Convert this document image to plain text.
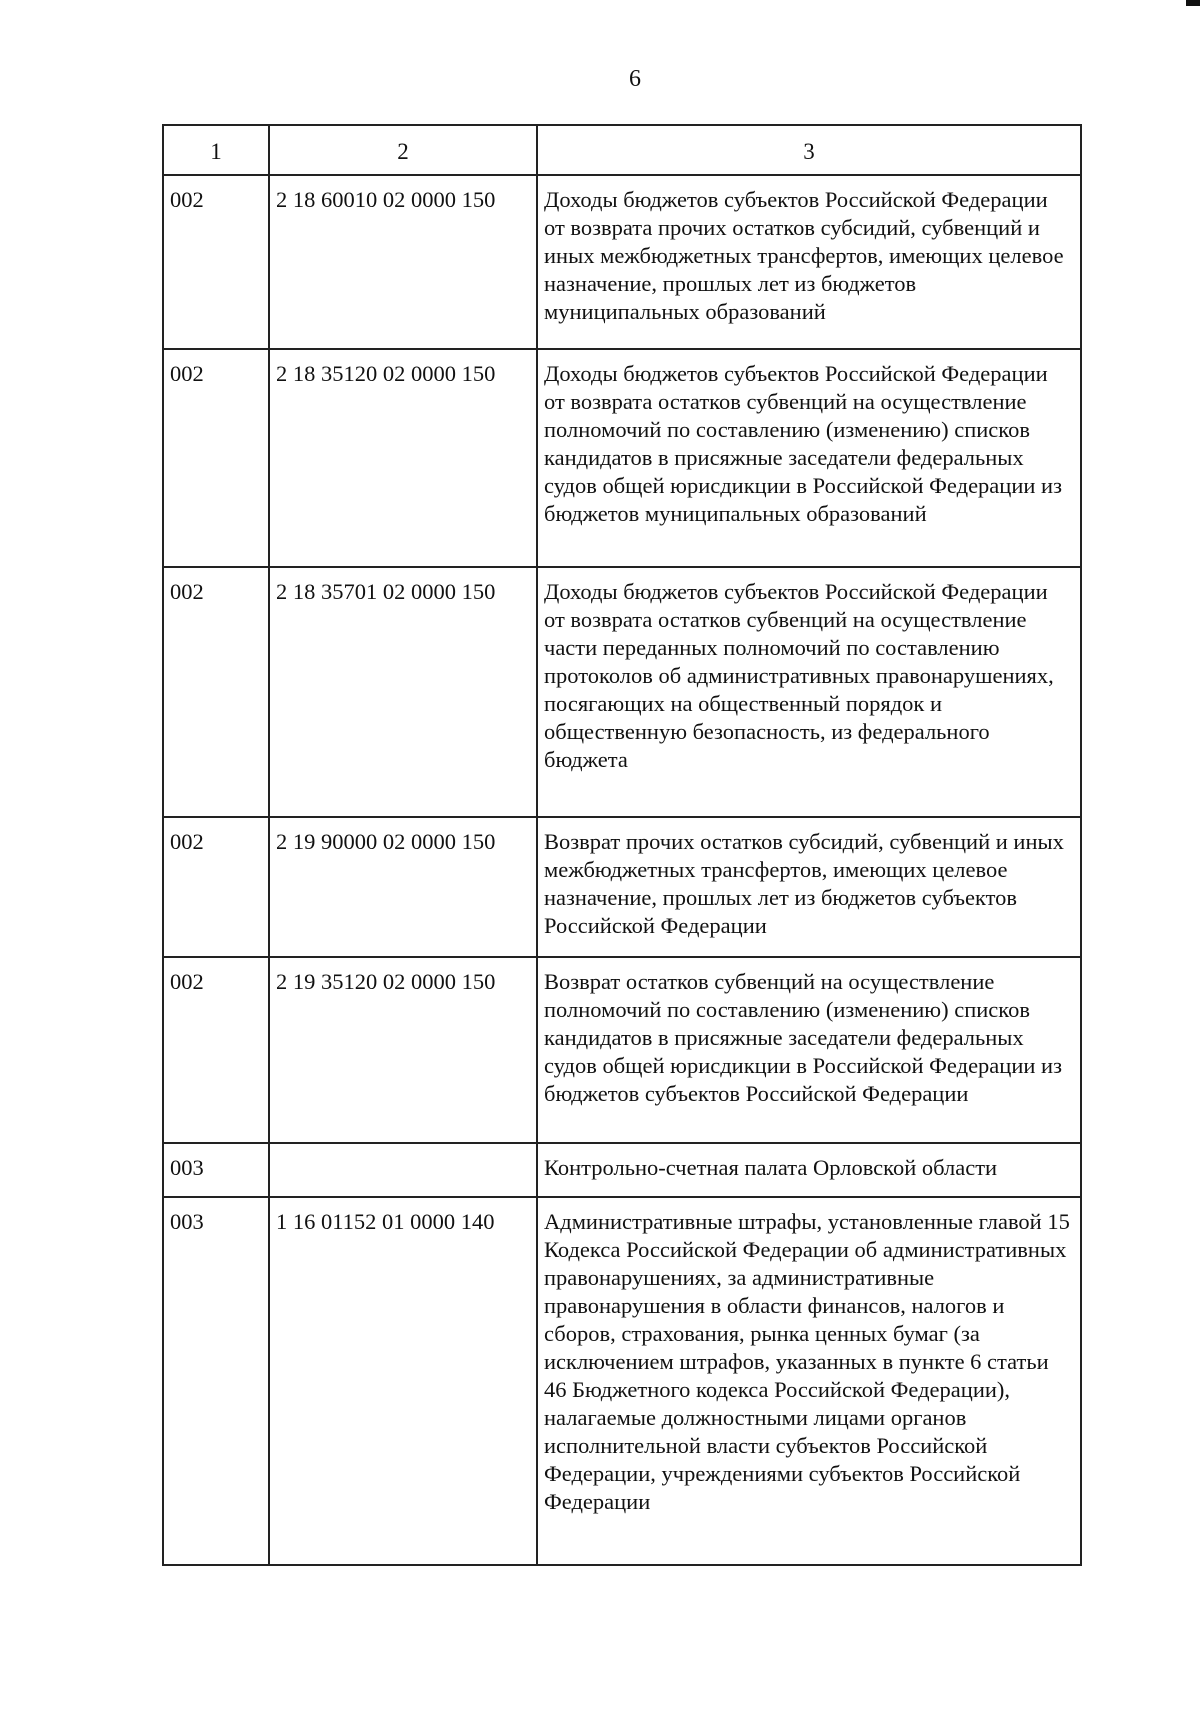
6
1	2	3
002	2 18 60010 02 0000 150	Доходы бюджетов субъектов Российской Федерации от возврата прочих остатков субсидий, субвенций и иных межбюджетных трансфертов, имеющих целевое назначение, прошлых лет из бюджетов муниципальных образований
002	2 18 35120 02 0000 150	Доходы бюджетов субъектов Российской Федерации от возврата остатков субвенций на осуществление полномочий по составлению (изменению) списков кандидатов в присяжные заседатели федеральных судов общей юрисдикции в Российской Федерации из бюджетов муниципальных образований
002	2 18 35701 02 0000 150	Доходы бюджетов субъектов Российской Федерации от возврата остатков субвенций на осуществление части переданных полномочий по составлению протоколов об административных правонарушениях, посягающих на общественный порядок и общественную безопасность, из федерального бюджета
002	2 19 90000 02 0000 150	Возврат прочих остатков субсидий, субвенций и иных межбюджетных трансфертов, имеющих целевое назначение, прошлых лет из бюджетов субъектов Российской Федерации
002	2 19 35120 02 0000 150	Возврат остатков субвенций на осуществление полномочий по составлению (изменению) списков кандидатов в присяжные заседатели федеральных судов общей юрисдикции в Российской Федерации из бюджетов субъектов Российской Федерации
003		Контрольно-счетная палата Орловской области
003	1 16 01152 01 0000 140	Административные штрафы, установленные главой 15 Кодекса Российской Федерации об административных правонарушениях, за административные правонарушения в области финансов, налогов и сборов, страхования, рынка ценных бумаг (за исключением штрафов, указанных в пункте 6 статьи 46 Бюджетного кодекса Российской Федерации), налагаемые должностными лицами органов исполнительной власти субъектов Российской Федерации, учреждениями субъектов Российской Федерации
